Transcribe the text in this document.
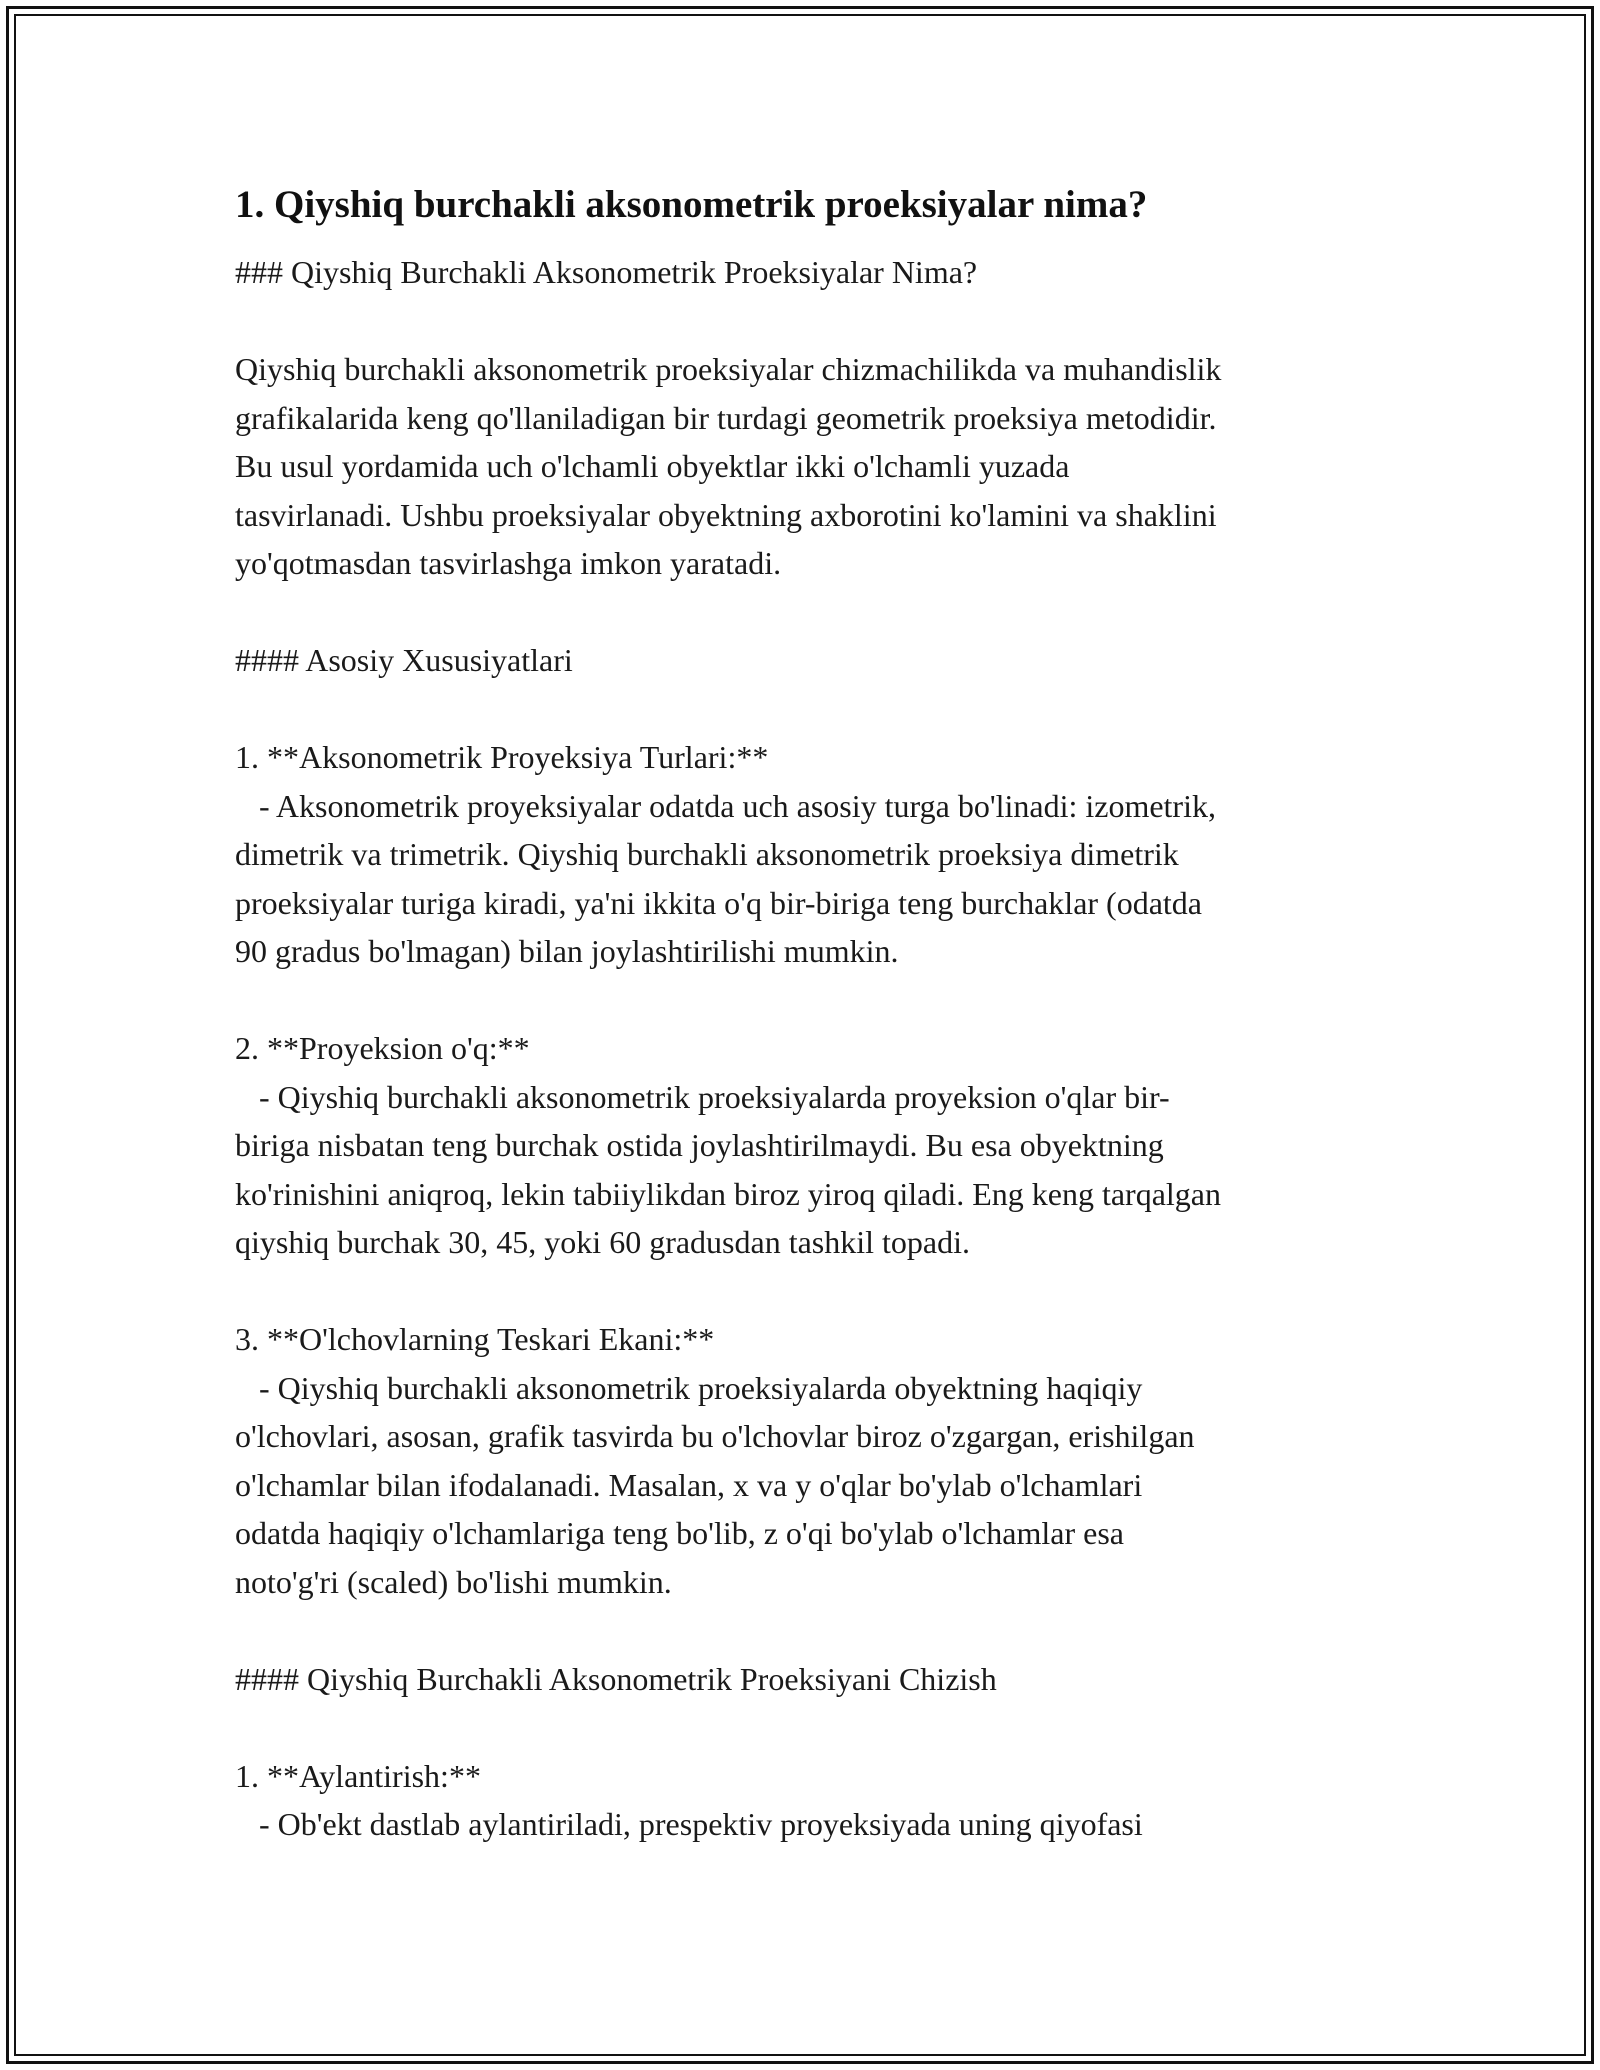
1. Qiyshiq burchakli aksonometrik proeksiyalar nima?
### Qiyshiq Burchakli Aksonometrik Proeksiyalar Nima?
Qiyshiq burchakli aksonometrik proeksiyalar chizmachilikda va muhandislik
grafikalarida keng qo'llaniladigan bir turdagi geometrik proeksiya metodidir.
Bu usul yordamida uch o'lchamli obyektlar ikki o'lchamli yuzada
tasvirlanadi. Ushbu proeksiyalar obyektning axborotini ko'lamini va shaklini
yo'qotmasdan tasvirlashga imkon yaratadi.
#### Asosiy Xususiyatlari
1. **Aksonometrik Proyeksiya Turlari:**
- Aksonometrik proyeksiyalar odatda uch asosiy turga bo'linadi: izometrik,
dimetrik va trimetrik. Qiyshiq burchakli aksonometrik proeksiya dimetrik
proeksiyalar turiga kiradi, ya'ni ikkita o'q bir-biriga teng burchaklar (odatda
90 gradus bo'lmagan) bilan joylashtirilishi mumkin.
2. **Proyeksion o'q:**
- Qiyshiq burchakli aksonometrik proeksiyalarda proyeksion o'qlar bir-
biriga nisbatan teng burchak ostida joylashtirilmaydi. Bu esa obyektning
ko'rinishini aniqroq, lekin tabiiylikdan biroz yiroq qiladi. Eng keng tarqalgan
qiyshiq burchak 30, 45, yoki 60 gradusdan tashkil topadi.
3. **O'lchovlarning Teskari Ekani:**
- Qiyshiq burchakli aksonometrik proeksiyalarda obyektning haqiqiy
o'lchovlari, asosan, grafik tasvirda bu o'lchovlar biroz o'zgargan, erishilgan
o'lchamlar bilan ifodalanadi. Masalan, x va y o'qlar bo'ylab o'lchamlari
odatda haqiqiy o'lchamlariga teng bo'lib, z o'qi bo'ylab o'lchamlar esa
noto'g'ri (scaled) bo'lishi mumkin.
#### Qiyshiq Burchakli Aksonometrik Proeksiyani Chizish
1. **Aylantirish:**
- Ob'ekt dastlab aylantiriladi, prespektiv proyeksiyada uning qiyofasi
